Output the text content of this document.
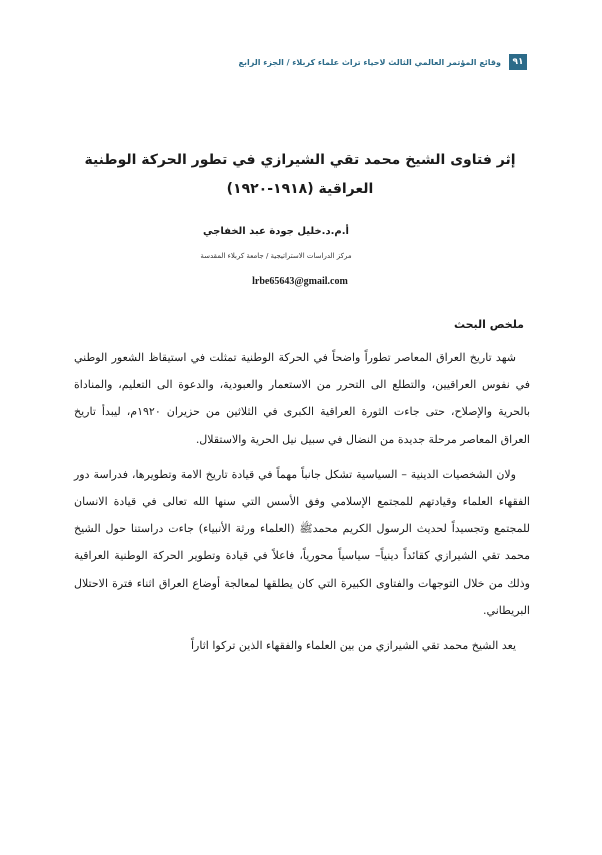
٩١
وقائع المؤتمر العالمي الثالث لاحياء تراث علماء كربلاء / الجزء الرابع
إثر فتاوى الشيخ محمد تقي الشيرازي في تطور الحركة الوطنية العراقية (١٩١٨-١٩٢٠)
أ.م.د.خليل جودة عبد الخفاجي
مركز الدراسات الاستراتيجية / جامعة كربلاء المقدسة
lrbe65643@gmail.com
ملخص البحث

شهد تاريخ العراق المعاصر تطوراً واضحاً في الحركة الوطنية تمثلت في استيقاظ الشعور الوطني في نفوس العراقيين، والتطلع الى التحرر من الاستعمار والعبودية، والدعوة الى التعليم، والمناداة بالحرية والإصلاح، حتى جاءت الثورة العراقية الكبرى في الثلاثين من حزيران ١٩٢٠م، ليبدأ تاريخ العراق المعاصر مرحلة جديدة من النضال في سبيل نيل الحرية والاستقلال.

ولان الشخصيات الدينية – السياسية تشكل جانباً مهماً في قيادة تاريخ الامة وتطويرها، فدراسة دور الفقهاء العلماء وقيادتهم للمجتمع الإسلامي وفق الأسس التي سنها الله تعالى في قيادة الانسان للمجتمع وتجسيداً لحديث الرسول الكريم محمدﷺ (العلماء ورثة الأنبياء) جاءت دراستنا حول الشيخ محمد تقي الشيرازي كقائداً دينياً– سياسياً محورياً، فاعلاً في قيادة وتطوير الحركة الوطنية العراقية وذلك من خلال التوجهات والفتاوى الكبيرة التي كان يطلقها لمعالجة أوضاع العراق اثناء فترة الاحتلال البريطاني.

يعد الشيخ محمد تقي الشيرازي من بين العلماء والفقهاء الذين تركوا اثاراً
